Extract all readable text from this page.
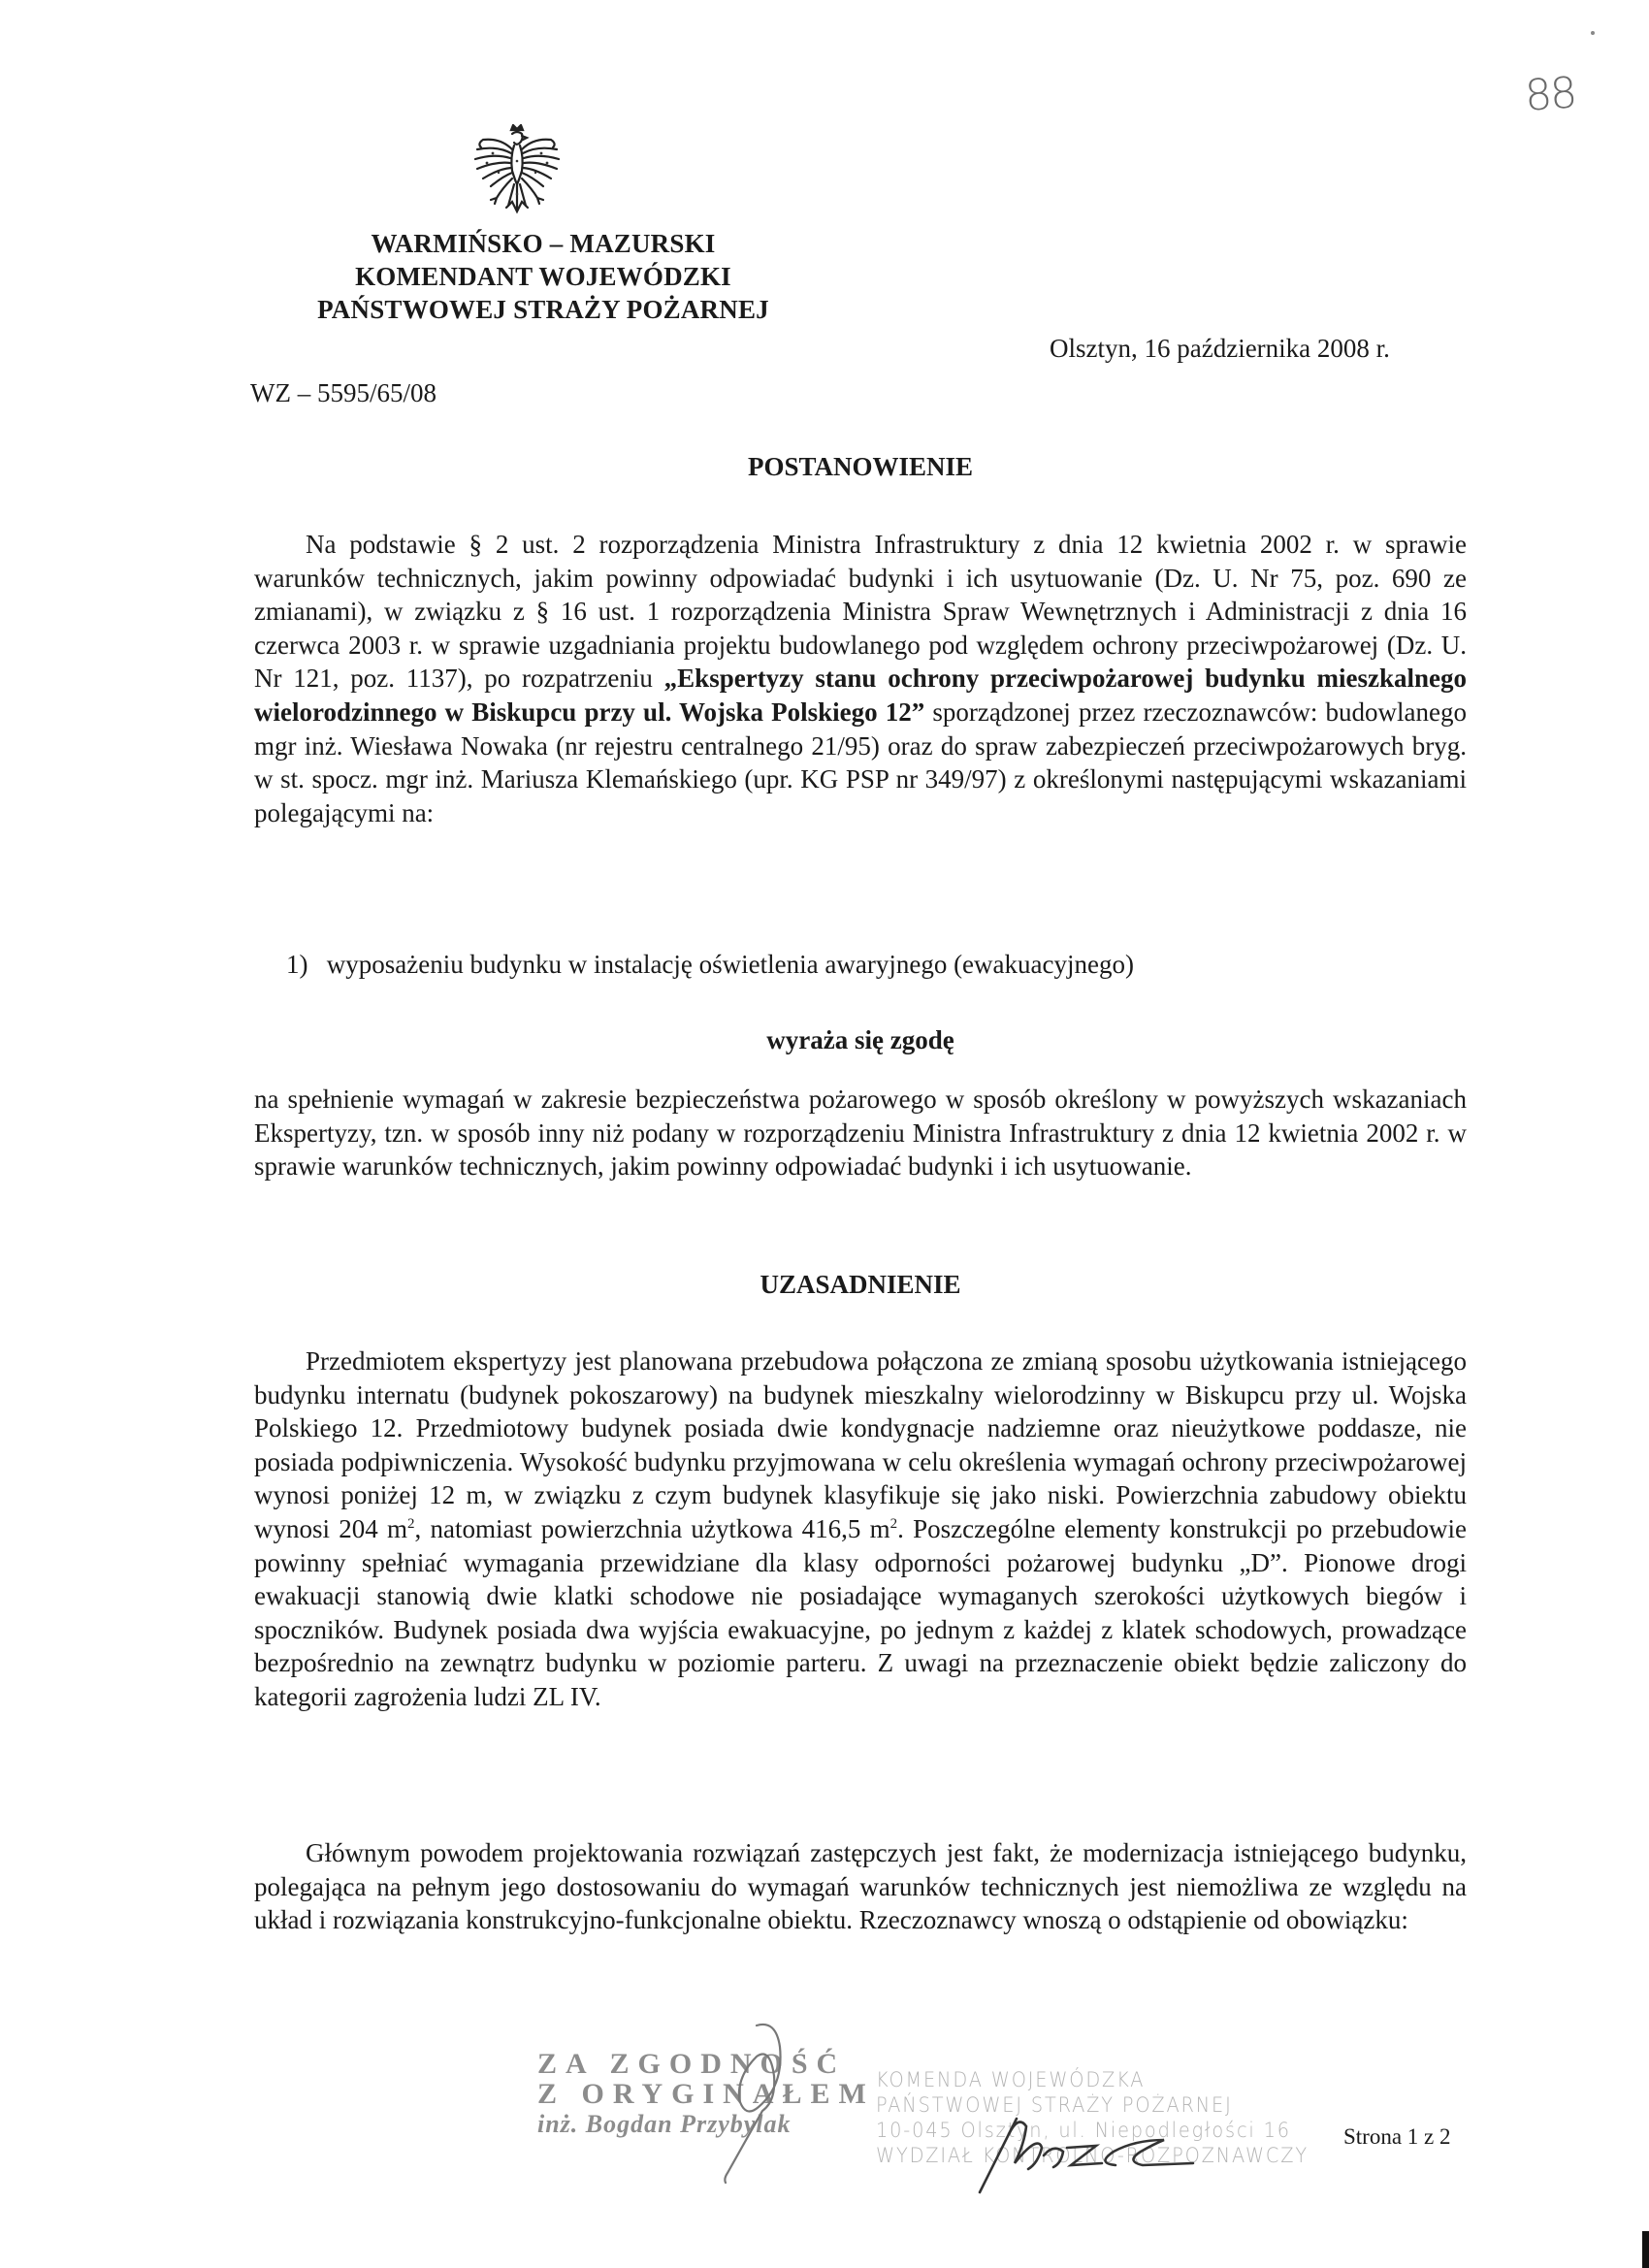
88
WARMIŃSKO – MAZURSKI
KOMENDANT WOJEWÓDZKI
PAŃSTWOWEJ STRAŻY POŻARNEJ
Olsztyn, 16 października 2008 r.
WZ – 5595/65/08
POSTANOWIENIE
Na podstawie § 2 ust. 2 rozporządzenia Ministra Infrastruktury z dnia 12 kwietnia 2002 r. w sprawie warunków technicznych, jakim powinny odpowiadać budynki i ich usytuowanie (Dz. U. Nr 75, poz. 690 ze zmianami), w związku z § 16 ust. 1 rozporządzenia Ministra Spraw Wewnętrznych i Administracji z dnia 16 czerwca 2003 r. w sprawie uzgadniania projektu budowlanego pod względem ochrony przeciwpożarowej (Dz. U. Nr 121, poz. 1137), po rozpatrzeniu „Ekspertyzy stanu ochrony przeciwpożarowej budynku mieszkalnego wielorodzinnego w Biskupcu przy ul. Wojska Polskiego 12” sporządzonej przez rzeczoznawców: budowlanego mgr inż. Wiesława Nowaka (nr rejestru centralnego 21/95) oraz do spraw zabezpieczeń przeciwpożarowych bryg. w st. spocz. mgr inż. Mariusza Klemańskiego (upr. KG PSP nr 349/97) z określonymi następującymi wskazaniami polegającymi na:
1) wyposażeniu budynku w instalację oświetlenia awaryjnego (ewakuacyjnego)
wyraża się zgodę
na spełnienie wymagań w zakresie bezpieczeństwa pożarowego w sposób określony w powyższych wskazaniach Ekspertyzy, tzn. w sposób inny niż podany w rozporządzeniu Ministra Infrastruktury z dnia 12 kwietnia 2002 r. w sprawie warunków technicznych, jakim powinny odpowiadać budynki i ich usytuowanie.
UZASADNIENIE
Przedmiotem ekspertyzy jest planowana przebudowa połączona ze zmianą sposobu użytkowania istniejącego budynku internatu (budynek pokoszarowy) na budynek mieszkalny wielorodzinny w Biskupcu przy ul. Wojska Polskiego 12. Przedmiotowy budynek posiada dwie kondygnacje nadziemne oraz nieużytkowe poddasze, nie posiada podpiwniczenia. Wysokość budynku przyjmowana w celu określenia wymagań ochrony przeciwpożarowej wynosi poniżej 12 m, w związku z czym budynek klasyfikuje się jako niski. Powierzchnia zabudowy obiektu wynosi 204 $m^2$, natomiast powierzchnia użytkowa 416,5 $m^2$. Poszczególne elementy konstrukcji po przebudowie powinny spełniać wymagania przewidziane dla klasy odporności pożarowej budynku „D”. Pionowe drogi ewakuacji stanowią dwie klatki schodowe nie posiadające wymaganych szerokości użytkowych biegów i spoczników. Budynek posiada dwa wyjścia ewakuacyjne, po jednym z każdej z klatek schodowych, prowadzące bezpośrednio na zewnątrz budynku w poziomie parteru. Z uwagi na przeznaczenie obiekt będzie zaliczony do kategorii zagrożenia ludzi ZL IV.
Głównym powodem projektowania rozwiązań zastępczych jest fakt, że modernizacja istniejącego budynku, polegająca na pełnym jego dostosowaniu do wymagań warunków technicznych jest niemożliwa ze względu na układ i rozwiązania konstrukcyjno-funkcjonalne obiektu. Rzeczoznawcy wnoszą o odstąpienie od obowiązku:
ZA ZGODNOŚĆ
Z ORYGINAŁEM
inż. Bogdan Przybylak
KOMENDA WOJEWÓDZKA
PAŃSTWOWEJ STRAŻY POŻARNEJ
10-045 Olsztyn, ul. Niepodległości 16
WYDZIAŁ KONTROLNO-ROZPOZNAWCZY
Strona 1 z 2
